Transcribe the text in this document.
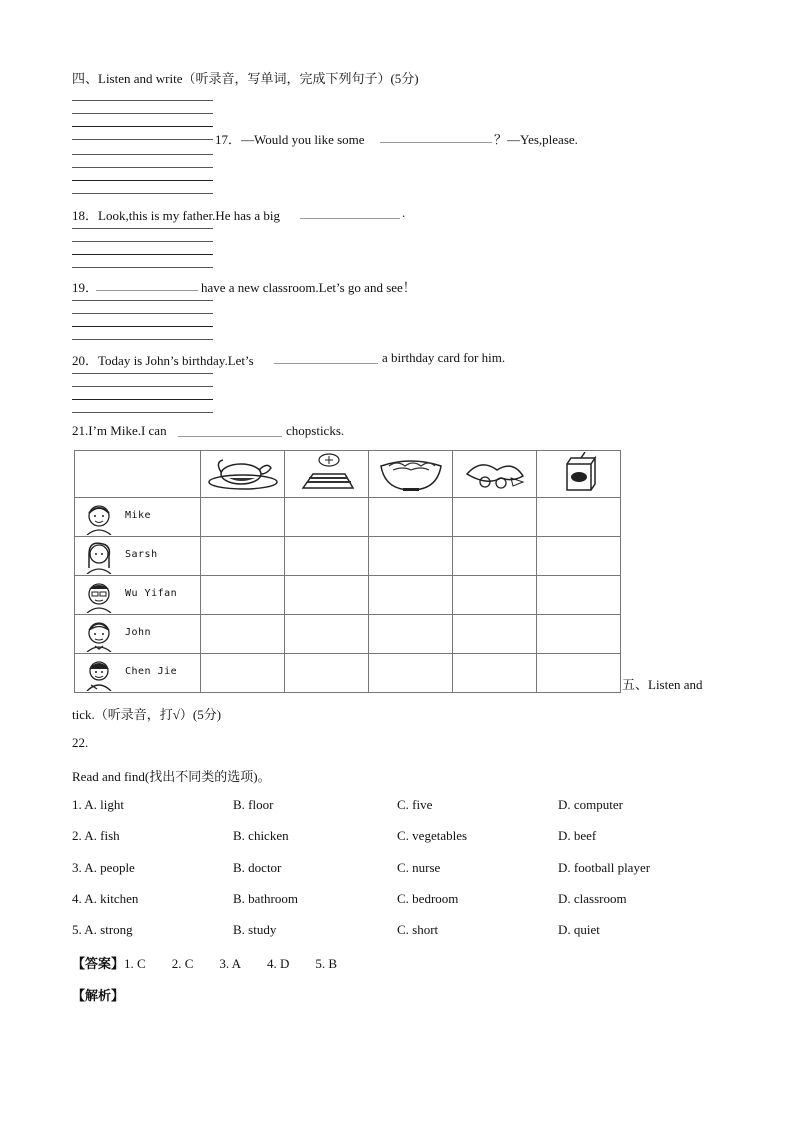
四、Listen and write（听录音，写单词，完成下列句子）(5分)
17．—Would you like some	？—Yes,please.
18．Look,this is my father.He has a big	.
19．	have a new classroom.Let’s go and see！
20．Today is John’s birthday.Let’s	a birthday card for him.
21.I’m Mike.I can	chopsticks.

Mike					

Sarsh					

Wu Yifan					

John					

Chen Jie					

五、Listen and
tick.（听录音，打√）(5分)
22.
Read and find(找出不同类的选项)。
1. A. light	B. floor	C. five	D. computer
2. A. fish	B. chicken	C. vegetables	D. beef
3. A. people	B. doctor	C. nurse	D. football player
4. A. kitchen	B. bathroom	C. bedroom	D. classroom
5. A. strong	B. study	C. short	D. quiet
【答案】1. C 2. C 3. A 4. D 5. B
【解析】
